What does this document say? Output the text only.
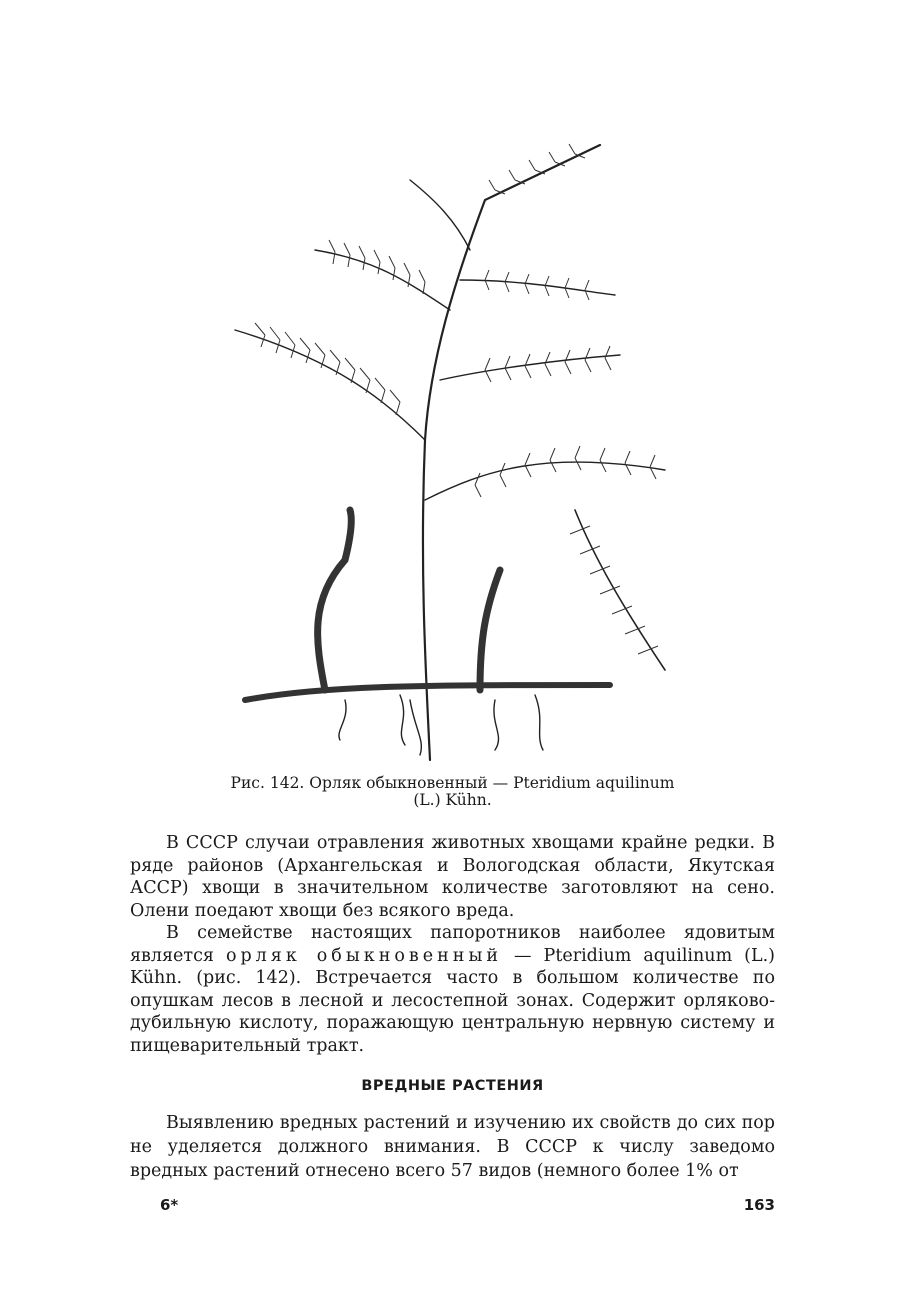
Рис. 142. Орляк обыкновенный — Pteridium aquilinum
(L.) Kühn.

В СССР случаи отравления животных хвощами крайне редки. В ряде районов (Архангельская и Вологодская области, Якутская АССР) хвощи в значительном количестве заготовляют на сено. Олени поедают хвощи без всякого вреда.

В семействе настоящих папоротников наиболее ядовитым является орляк обыкновенный — Pteridium aquilinum (L.) Kühn. (рис. 142). Встречается часто в большом количестве по опушкам лесов в лесной и лесостепной зонах. Содержит орляково-дубильную кислоту, поражающую центральную нервную систему и пищеварительный тракт.

ВРЕДНЫЕ РАСТЕНИЯ

Выявлению вредных растений и изучению их свойств до сих пор не уделяется должного внимания. В СССР к числу заведомо вредных растений отнесено всего 57 видов (немного более 1% от

6*	163
